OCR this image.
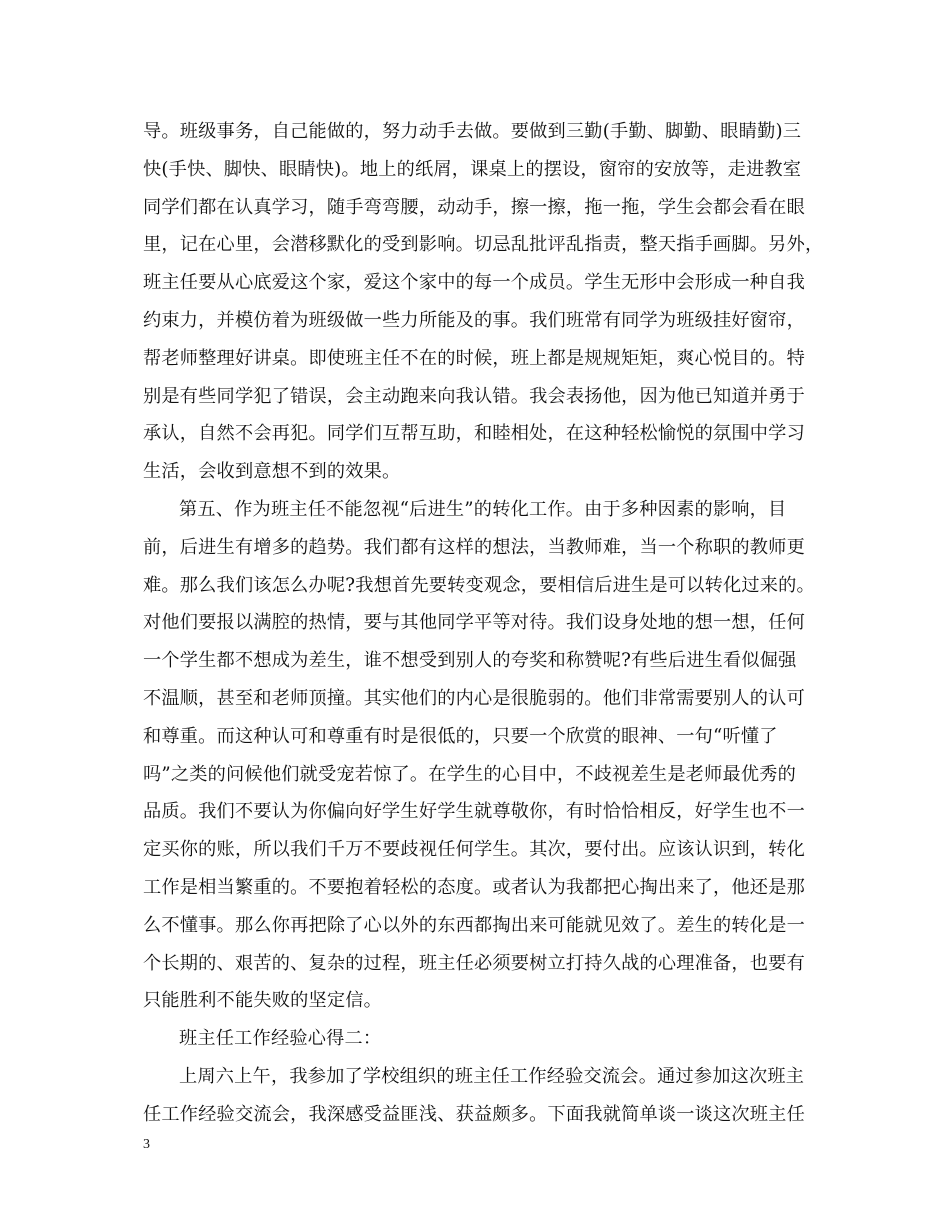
导。班级事务，自己能做的，努力动手去做。要做到三勤(手勤、脚勤、眼睛勤)三
快(手快、脚快、眼睛快)。地上的纸屑，课桌上的摆设，窗帘的安放等，走进教室
同学们都在认真学习，随手弯弯腰，动动手，擦一擦，拖一拖，学生会都会看在眼
里，记在心里，会潜移默化的受到影响。切忌乱批评乱指责，整天指手画脚。另外，
班主任要从心底爱这个家，爱这个家中的每一个成员。学生无形中会形成一种自我
约束力，并模仿着为班级做一些力所能及的事。我们班常有同学为班级挂好窗帘，
帮老师整理好讲桌。即使班主任不在的时候，班上都是规规矩矩，爽心悦目的。特
别是有些同学犯了错误，会主动跑来向我认错。我会表扬他，因为他已知道并勇于
承认，自然不会再犯。同学们互帮互助，和睦相处，在这种轻松愉悦的氛围中学习
生活，会收到意想不到的效果。
第五、作为班主任不能忽视“后进生”的转化工作。由于多种因素的影响，目
前，后进生有增多的趋势。我们都有这样的想法，当教师难，当一个称职的教师更
难。那么我们该怎么办呢?我想首先要转变观念，要相信后进生是可以转化过来的。
对他们要报以满腔的热情，要与其他同学平等对待。我们设身处地的想一想，任何
一个学生都不想成为差生，谁不想受到别人的夸奖和称赞呢?有些后进生看似倔强
不温顺，甚至和老师顶撞。其实他们的内心是很脆弱的。他们非常需要别人的认可
和尊重。而这种认可和尊重有时是很低的，只要一个欣赏的眼神、一句“听懂了
吗”之类的问候他们就受宠若惊了。在学生的心目中，不歧视差生是老师最优秀的
品质。我们不要认为你偏向好学生好学生就尊敬你，有时恰恰相反，好学生也不一
定买你的账，所以我们千万不要歧视任何学生。其次，要付出。应该认识到，转化
工作是相当繁重的。不要抱着轻松的态度。或者认为我都把心掏出来了，他还是那
么不懂事。那么你再把除了心以外的东西都掏出来可能就见效了。差生的转化是一
个长期的、艰苦的、复杂的过程，班主任必须要树立打持久战的心理准备，也要有
只能胜利不能失败的坚定信。
班主任工作经验心得二：
上周六上午，我参加了学校组织的班主任工作经验交流会。通过参加这次班主
任工作经验交流会，我深感受益匪浅、获益颇多。下面我就简单谈一谈这次班主任
3
